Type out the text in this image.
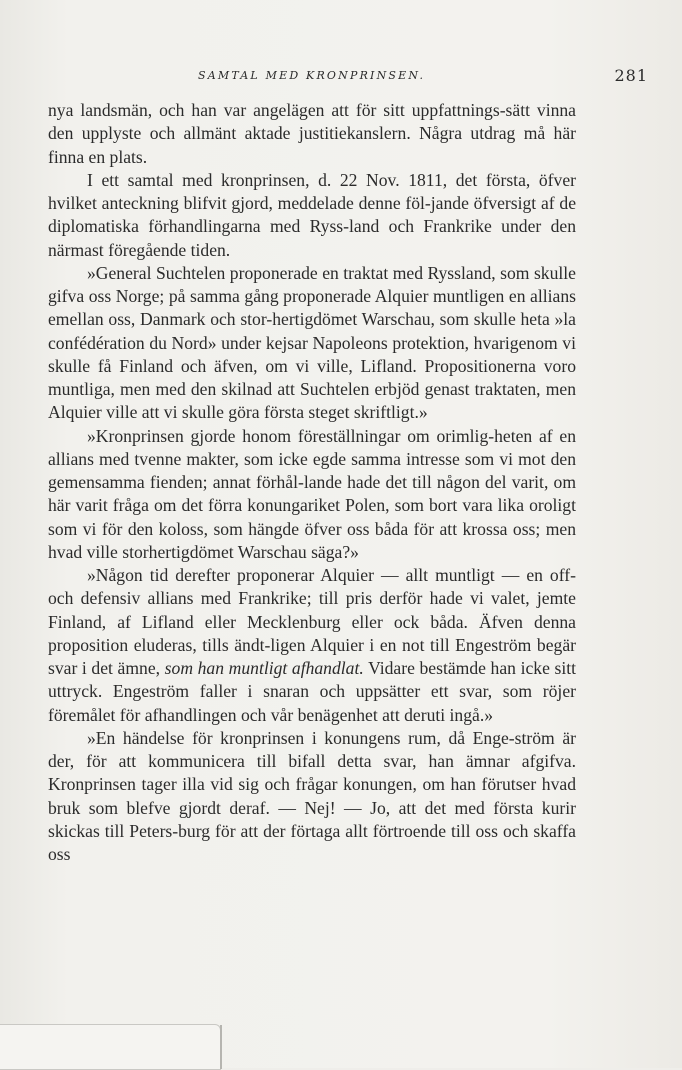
SAMTAL MED KRONPRINSEN.	281

nya landsmän, och han var angelägen att för sitt uppfattnings-sätt vinna den upplyste och allmänt aktade justitiekanslern. Några utdrag må här finna en plats.

I ett samtal med kronprinsen, d. 22 Nov. 1811, det första, öfver hvilket anteckning blifvit gjord, meddelade denne föl-jande öfversigt af de diplomatiska förhandlingarna med Ryss-land och Frankrike under den närmast föregående tiden.

»General Suchtelen proponerade en traktat med Ryssland, som skulle gifva oss Norge; på samma gång proponerade Alquier muntligen en allians emellan oss, Danmark och stor-hertigdömet Warschau, som skulle heta »la confédération du Nord» under kejsar Napoleons protektion, hvarigenom vi skulle få Finland och äfven, om vi ville, Lifland. Propositionerna voro muntliga, men med den skilnad att Suchtelen erbjöd genast traktaten, men Alquier ville att vi skulle göra första steget skriftligt.»

»Kronprinsen gjorde honom föreställningar om orimlig-heten af en allians med tvenne makter, som icke egde samma intresse som vi mot den gemensamma fienden; annat förhål-lande hade det till någon del varit, om här varit fråga om det förra konungariket Polen, som bort vara lika oroligt som vi för den koloss, som hängde öfver oss båda för att krossa oss; men hvad ville storhertigdömet Warschau säga?»

»Någon tid derefter proponerar Alquier — allt muntligt — en off- och defensiv allians med Frankrike; till pris derför hade vi valet, jemte Finland, af Lifland eller Mecklenburg eller ock båda. Äfven denna proposition eluderas, tills ändt-ligen Alquier i en not till Engeström begär svar i det ämne, som han muntligt afhandlat. Vidare bestämde han icke sitt uttryck. Engeström faller i snaran och uppsätter ett svar, som röjer föremålet för afhandlingen och vår benägenhet att deruti ingå.»

»En händelse för kronprinsen i konungens rum, då Enge-ström är der, för att kommunicera till bifall detta svar, han ämnar afgifva. Kronprinsen tager illa vid sig och frågar konungen, om han förutser hvad bruk som blefve gjordt deraf. — Nej! — Jo, att det med första kurir skickas till Peters-burg för att der förtaga allt förtroende till oss och skaffa oss
